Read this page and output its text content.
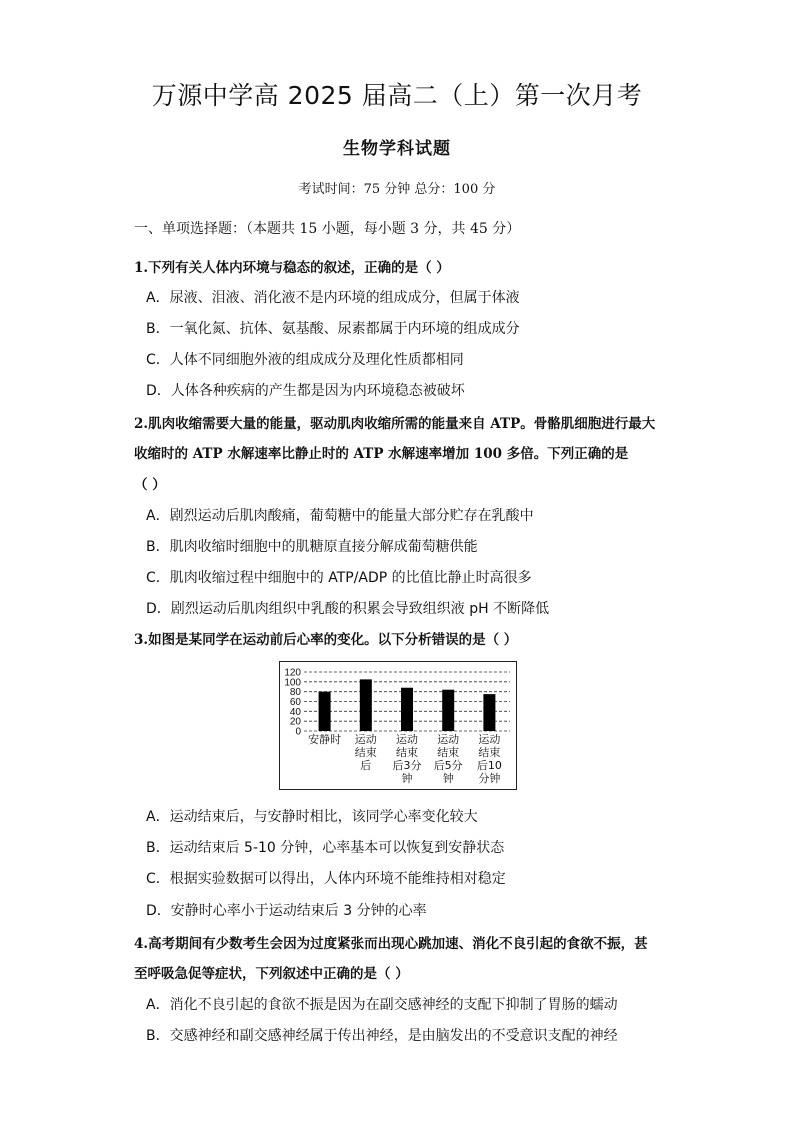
万源中学高 2025 届高二（上）第一次月考
生物学科试题
考试时间：75 分钟 总分：100 分
一、单项选择题：（本题共 15 小题，每小题 3 分，共 45 分）
1.下列有关人体内环境与稳态的叙述，正确的是（ ）
A．尿液、泪液、消化液不是内环境的组成成分，但属于体液
B．一氧化氮、抗体、氨基酸、尿素都属于内环境的组成成分
C．人体不同细胞外液的组成成分及理化性质都相同
D．人体各种疾病的产生都是因为内环境稳态被破坏
2.肌肉收缩需要大量的能量，驱动肌肉收缩所需的能量来自 ATP。骨骼肌细胞进行最大
收缩时的 ATP 水解速率比静止时的 ATP 水解速率增加 100 多倍。下列正确的是
（ ）
A．剧烈运动后肌肉酸痛，葡萄糖中的能量大部分贮存在乳酸中
B．肌肉收缩时细胞中的肌糖原直接分解成葡萄糖供能
C．肌肉收缩过程中细胞中的 ATP/ADP 的比值比静止时高很多
D．剧烈运动后肌肉组织中乳酸的积累会导致组织液 pH 不断降低
3.如图是某同学在运动前后心率的变化。以下分析错误的是（ ）
0
20
40
60
80
100
120
安静时 运动
结束
后
运动
结束
后3分
钟
运动
结束
后5分
钟
运动
结束
后10
分钟
A．运动结束后，与安静时相比，该同学心率变化较大
B．运动结束后 5-10 分钟，心率基本可以恢复到安静状态
C．根据实验数据可以得出，人体内环境不能维持相对稳定
D．安静时心率小于运动结束后 3 分钟的心率
4.高考期间有少数考生会因为过度紧张而出现心跳加速、消化不良引起的食欲不振，甚
至呼吸急促等症状，下列叙述中正确的是（ ）
A．消化不良引起的食欲不振是因为在副交感神经的支配下抑制了胃肠的蠕动
B．交感神经和副交感神经属于传出神经，是由脑发出的不受意识支配的神经
